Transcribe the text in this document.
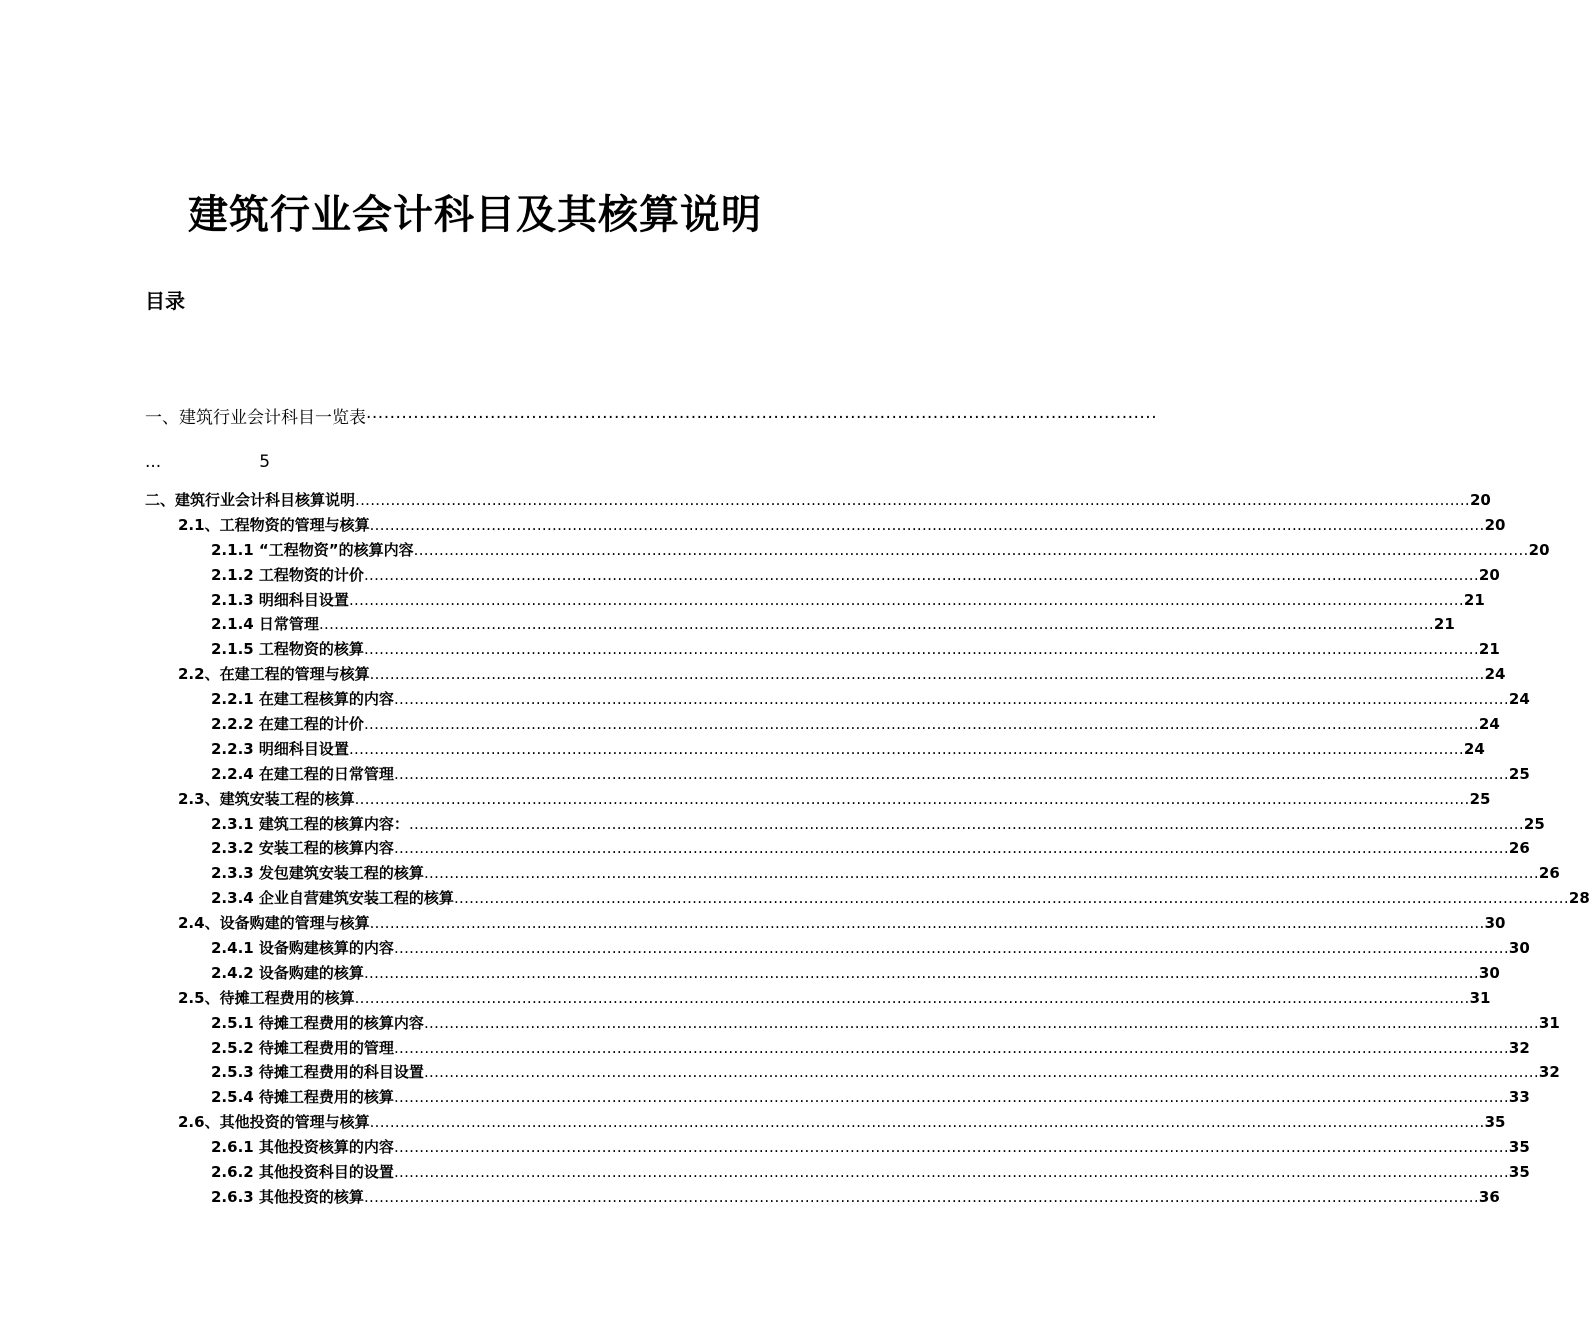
建筑行业会计科目及其核算说明
目录
一、建筑行业会计科目一览表 ......................................................................................................................................
...	5
二、建筑行业会计科目核算说明 ............................................................................................................................................................................................................................ 20
2.1、工程物资的管理与核算 ............................................................................................................................................................................................................................ 20
2.1.1 “工程物资”的核算内容 ............................................................................................................................................................................................................................ 20
2.1.2 工程物资的计价 ............................................................................................................................................................................................................................ 20
2.1.3 明细科目设置 ............................................................................................................................................................................................................................ 21
2.1.4 日常管理 ............................................................................................................................................................................................................................ 21
2.1.5 工程物资的核算 ............................................................................................................................................................................................................................ 21
2.2、在建工程的管理与核算 ............................................................................................................................................................................................................................ 24
2.2.1 在建工程核算的内容 ............................................................................................................................................................................................................................ 24
2.2.2 在建工程的计价 ............................................................................................................................................................................................................................ 24
2.2.3 明细科目设置 ............................................................................................................................................................................................................................ 24
2.2.4 在建工程的日常管理 ............................................................................................................................................................................................................................ 25
2.3、建筑安装工程的核算 ............................................................................................................................................................................................................................ 25
2.3.1 建筑工程的核算内容： ............................................................................................................................................................................................................................ 25
2.3.2 安装工程的核算内容 ............................................................................................................................................................................................................................ 26
2.3.3 发包建筑安装工程的核算 ............................................................................................................................................................................................................................ 26
2.3.4 企业自营建筑安装工程的核算 ............................................................................................................................................................................................................................ 28
2.4、设备购建的管理与核算 ............................................................................................................................................................................................................................ 30
2.4.1 设备购建核算的内容 ............................................................................................................................................................................................................................ 30
2.4.2 设备购建的核算 ............................................................................................................................................................................................................................ 30
2.5、待摊工程费用的核算 ............................................................................................................................................................................................................................ 31
2.5.1 待摊工程费用的核算内容 ............................................................................................................................................................................................................................ 31
2.5.2 待摊工程费用的管理 ............................................................................................................................................................................................................................ 32
2.5.3 待摊工程费用的科目设置 ............................................................................................................................................................................................................................ 32
2.5.4 待摊工程费用的核算 ............................................................................................................................................................................................................................ 33
2.6、其他投资的管理与核算 ............................................................................................................................................................................................................................ 35
2.6.1 其他投资核算的内容 ............................................................................................................................................................................................................................ 35
2.6.2 其他投资科目的设置 ............................................................................................................................................................................................................................ 35
2.6.3 其他投资的核算 ............................................................................................................................................................................................................................ 36
